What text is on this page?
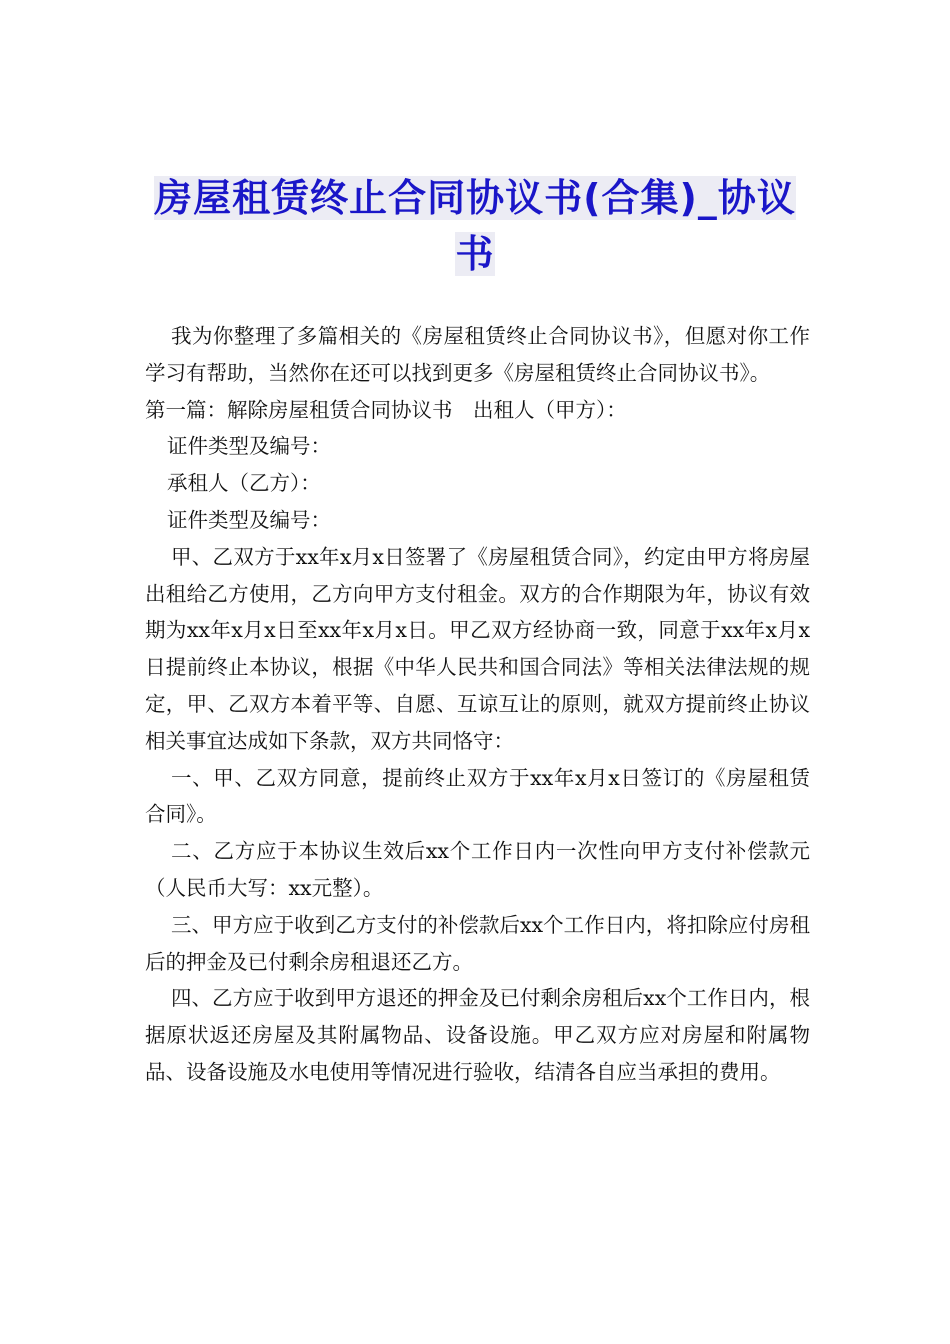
房屋租赁终止合同协议书(合集)_协议
书

我为你整理了多篇相关的《房屋租赁终止合同协议书》，但愿对你工作学习有帮助，当然你在还可以找到更多《房屋租赁终止合同协议书》。

第一篇：解除房屋租赁合同协议书　出租人（甲方）：

证件类型及编号：

承租人（乙方）：

证件类型及编号：

甲、乙双方于xx年x月x日签署了《房屋租赁合同》，约定由甲方将房屋出租给乙方使用，乙方向甲方支付租金。双方的合作期限为年，协议有效期为xx年x月x日至xx年x月x日。甲乙双方经协商一致，同意于xx年x月x日提前终止本协议，根据《中华人民共和国合同法》等相关法律法规的规定，甲、乙双方本着平等、自愿、互谅互让的原则，就双方提前终止协议相关事宜达成如下条款，双方共同恪守：

一、甲、乙双方同意，提前终止双方于xx年x月x日签订的《房屋租赁合同》。

二、乙方应于本协议生效后xx个工作日内一次性向甲方支付补偿款元（人民币大写：xx元整）。

三、甲方应于收到乙方支付的补偿款后xx个工作日内，将扣除应付房租后的押金及已付剩余房租退还乙方。

四、乙方应于收到甲方退还的押金及已付剩余房租后xx个工作日内，根据原状返还房屋及其附属物品、设备设施。甲乙双方应对房屋和附属物品、设备设施及水电使用等情况进行验收，结清各自应当承担的费用。
